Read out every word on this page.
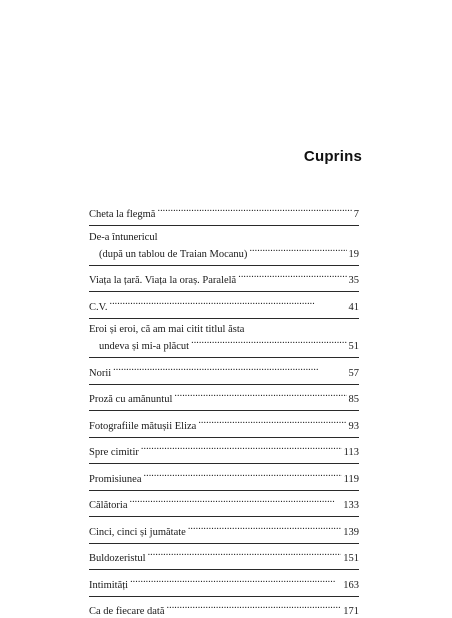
Cuprins
Cheta la flegmă . . .	7
De-a întunericul
(după un tablou de Traian Mocanu) . . .	19
Viața la țară. Viața la oraș. Paralelă . . .	35
C.V. . . .	41
Eroi și eroi, că am mai citit titlul ăsta
undeva și mi-a plăcut . . .	51
Norii . . .	57
Proză cu amănuntul . . .	85
Fotografiile mătușii Eliza . . .	93
Spre cimitir . . .	113
Promisiunea . . .	119
Călătoria . . .	133
Cinci, cinci și jumătate . . .	139
Buldozeristul . . .	151
Intimități . . .	163
Ca de fiecare dată . . .	171
